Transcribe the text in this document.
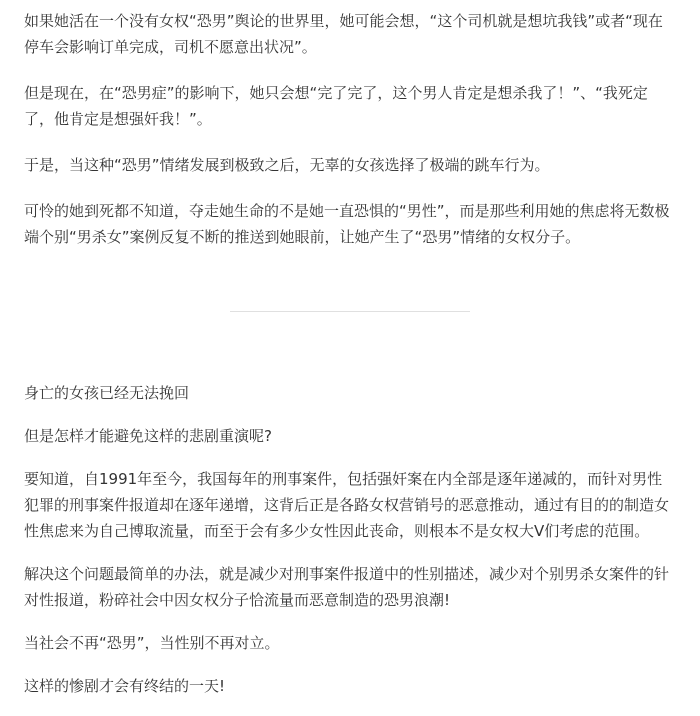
如果她活在一个没有女权“恐男”舆论的世界里，她可能会想，“这个司机就是想坑我钱”或者“现在停车会影响订单完成，司机不愿意出状况”。

但是现在，在“恐男症”的影响下，她只会想“完了完了，这个男人肯定是想杀我了！”、“我死定了，他肯定是想强奸我！”。

于是，当这种“恐男”情绪发展到极致之后，无辜的女孩选择了极端的跳车行为。

可怜的她到死都不知道，夺走她生命的不是她一直恐惧的“男性”，而是那些利用她的焦虑将无数极端个别“男杀女”案例反复不断的推送到她眼前，让她产生了“恐男”情绪的女权分子。

身亡的女孩已经无法挽回

但是怎样才能避免这样的悲剧重演呢?

要知道，自1991年至今，我国每年的刑事案件，包括强奸案在内全部是逐年递减的，而针对男性犯罪的刑事案件报道却在逐年递增，这背后正是各路女权营销号的恶意推动，通过有目的的制造女性焦虑来为自己博取流量，而至于会有多少女性因此丧命，则根本不是女权大V们考虑的范围。

解决这个问题最简单的办法，就是减少对刑事案件报道中的性别描述，减少对个别男杀女案件的针对性报道，粉碎社会中因女权分子恰流量而恶意制造的恐男浪潮!

当社会不再“恐男”，当性别不再对立。

这样的惨剧才会有终结的一天!
